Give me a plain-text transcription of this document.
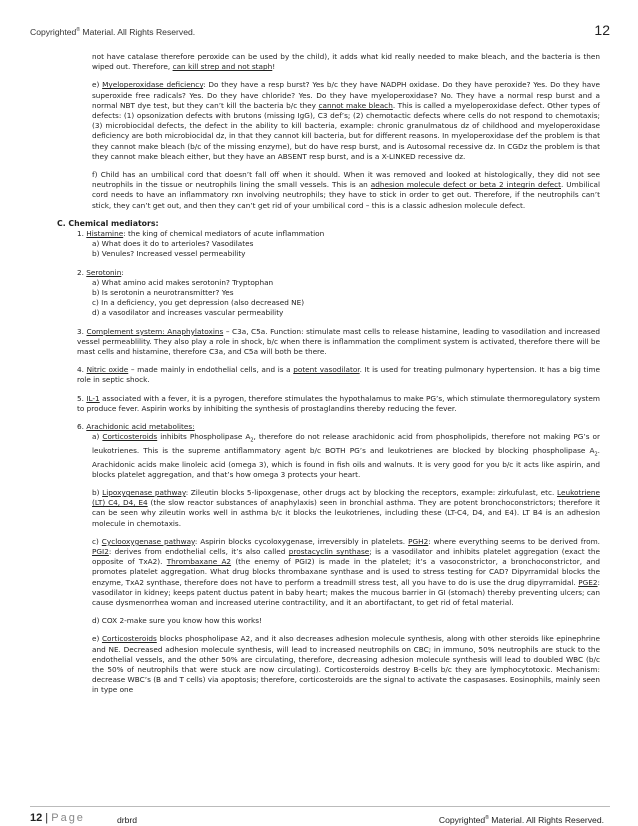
Copyrighted® Material. All Rights Reserved.	12

not have catalase therefore peroxide can be used by the child), it adds what kid really needed to make bleach, and the bacteria is then wiped out. Therefore, can kill strep and not staph!

e) Myeloperoxidase deficiency: Do they have a resp burst? Yes b/c they have NADPH oxidase. Do they have peroxide? Yes. Do they have superoxide free radicals? Yes. Do they have chloride? Yes. Do they have myeloperoxidase? No. They have a normal resp burst and a normal NBT dye test, but they can’t kill the bacteria b/c they cannot make bleach. This is called a myeloperoxidase defect. Other types of defects: (1) opsonization defects with brutons (missing IgG), C3 def’s; (2) chemotactic defects where cells do not respond to chemotaxis; (3) microbiocidal defects, the defect in the ability to kill bacteria, example: chronic granulmatous dz of childhood and myeloperoxidase deficiency are both microbiocidal dz, in that they cannot kill bacteria, but for different reasons. In myeloperoxidase def the problem is that they cannot make bleach (b/c of the missing enzyme), but do have resp burst, and is Autosomal recessive dz. In CGDz the problem is that they cannot make bleach either, but they have an ABSENT resp burst, and is a X-LINKED recessive dz.

f) Child has an umbilical cord that doesn’t fall off when it should. When it was removed and looked at histologically, they did not see neutrophils in the tissue or neutrophils lining the small vessels. This is an adhesion molecule defect or beta 2 integrin defect. Umbilical cord needs to have an inflammatory rxn involving neutrophils; they have to stick in order to get out. Therefore, if the neutrophils can’t stick, they can’t get out, and then they can’t get rid of your umbilical cord – this is a classic adhesion molecule defect.

C. Chemical mediators:

1. Histamine: the king of chemical mediators of acute inflammation

a) What does it do to arterioles? Vasodilates

b) Venules? Increased vessel permeability

2. Serotonin:

a) What amino acid makes serotonin? Tryptophan

b) Is serotonin a neurotransmitter? Yes

c) In a deficiency, you get depression (also decreased NE)

d) a vasodilator and increases vascular permeability

3. Complement system: Anaphylatoxins – C3a, C5a. Function: stimulate mast cells to release histamine, leading to vasodilation and increased vessel permeablility. They also play a role in shock, b/c when there is inflammation the compliment system is activated, therefore there will be mast cells and histamine, therefore C3a, and C5a will both be there.

4. Nitric oxide – made mainly in endothelial cells, and is a potent vasodilator. It is used for treating pulmonary hypertension. It has a big time role in septic shock.

5. IL-1 associated with a fever, it is a pyrogen, therefore stimulates the hypothalamus to make PG’s, which stimulate thermoregulatory system to produce fever. Aspirin works by inhibiting the synthesis of prostaglandins thereby reducing the fever.

6. Arachidonic acid metabolites:

a) Corticosteroids inhibits Phospholipase $A_2$, therefore do not release arachidonic acid from phospholipids, therefore not making PG’s or leukotrienes. This is the supreme antiflammatory agent b/c BOTH PG’s and leukotrienes are blocked by blocking phospholipase $A_2$. Arachidonic acids make linoleic acid (omega 3), which is found in fish oils and walnuts. It is very good for you b/c it acts like aspirin, and blocks platelet aggregation, and that’s how omega 3 protects your heart.

b) Lipoxygenase pathway: Zileutin blocks 5-lipoxgenase, other drugs act by blocking the receptors, example: zirkufulast, etc. Leukotriene (LT) C4, D4, E4 (the slow reactor substances of anaphylaxis) seen in bronchial asthma. They are potent bronchoconstrictors; therefore it can be seen why zileutin works well in asthma b/c it blocks the leukotrienes, including these (LT-C4, D4, and E4). LT B4 is an adhesion molecule in chemotaxis.

c) Cyclooxygenase pathway: Aspirin blocks cycoloxygenase, irreversibly in platelets. PGH2: where everything seems to be derived from. PGI2: derives from endothelial cells, it’s also called prostacyclin synthase; is a vasodilator and inhibits platelet aggregation (exact the opposite of TxA2). Thrombaxane A2 (the enemy of PGI2) is made in the platelet; it’s a vasoconstrictor, a bronchoconstrictor, and promotes platelet aggregation. What drug blocks thrombaxane synthase and is used to stress testing for CAD? Dipyrramidal blocks the enzyme, TxA2 synthase, therefore does not have to perform a treadmill stress test, all you have to do is use the drug dipyrramidal. PGE2: vasodilator in kidney; keeps patent ductus patent in baby heart; makes the mucous barrier in GI (stomach) thereby preventing ulcers; can cause dysmenorrhea woman and increased uterine contractility, and it an abortifactant, to get rid of fetal material.

d) COX 2-make sure you know how this works!

e) Corticosteroids blocks phospholipase A2, and it also decreases adhesion molecule synthesis, along with other steroids like epinephrine and NE. Decreased adhesion molecule synthesis, will lead to increased neutrophils on CBC; in immuno, 50% neutrophils are stuck to the endothelial vessels, and the other 50% are circulating, therefore, decreasing adhesion molecule synthesis will lead to doubled WBC (b/c the 50% of neutrophils that were stuck are now circulating). Corticosteroids destroy B-cells b/c they are lymphocytotoxic. Mechanism: decrease WBC’s (B and T cells) via apoptosis; therefore, corticosteroids are the signal to activate the caspasases. Eosinophils, mainly seen in type one

12 | Page	drbrd	Copyrighted® Material. All Rights Reserved.
